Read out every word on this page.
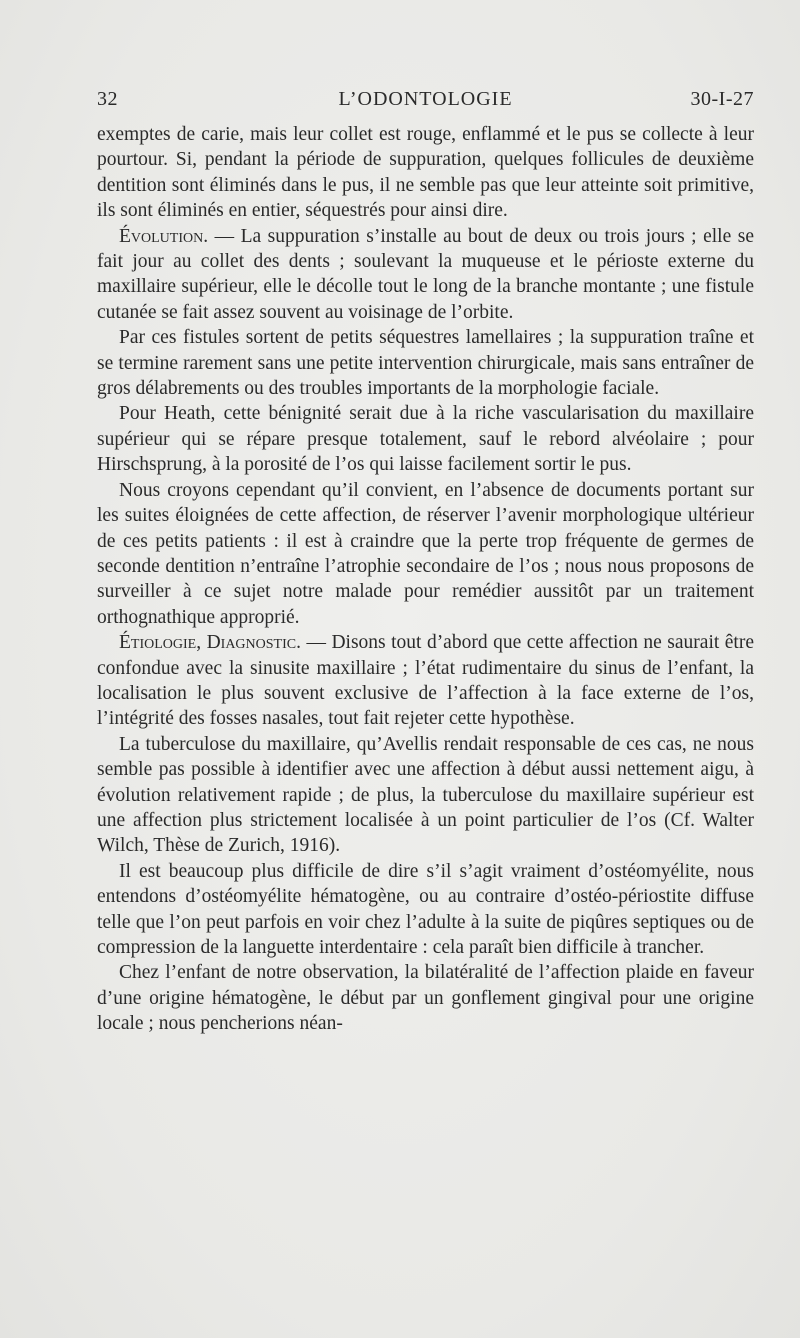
32	L’ODONTOLOGIE	30-I-27

exemptes de carie, mais leur collet est rouge, enflammé et le pus se collecte à leur pourtour. Si, pendant la période de suppuration, quelques follicules de deuxième dentition sont éliminés dans le pus, il ne semble pas que leur atteinte soit primitive, ils sont éliminés en entier, séquestrés pour ainsi dire.

Évolution. — La suppuration s’installe au bout de deux ou trois jours ; elle se fait jour au collet des dents ; soulevant la muqueuse et le périoste externe du maxillaire supérieur, elle le décolle tout le long de la branche montante ; une fistule cutanée se fait assez souvent au voisinage de l’orbite.

Par ces fistules sortent de petits séquestres lamellaires ; la suppuration traîne et se termine rarement sans une petite intervention chirurgicale, mais sans entraîner de gros délabrements ou des troubles importants de la morphologie faciale.

Pour Heath, cette bénignité serait due à la riche vascularisation du maxillaire supérieur qui se répare presque totalement, sauf le rebord alvéolaire ; pour Hirschsprung, à la porosité de l’os qui laisse facilement sortir le pus.

Nous croyons cependant qu’il convient, en l’absence de documents portant sur les suites éloignées de cette affection, de réserver l’avenir morphologique ultérieur de ces petits patients : il est à craindre que la perte trop fréquente de germes de seconde dentition n’entraîne l’atrophie secondaire de l’os ; nous nous proposons de surveiller à ce sujet notre malade pour remédier aussitôt par un traitement orthognathique approprié.

Étiologie, Diagnostic. — Disons tout d’abord que cette affection ne saurait être confondue avec la sinusite maxillaire ; l’état rudimentaire du sinus de l’enfant, la localisation le plus souvent exclusive de l’affection à la face externe de l’os, l’intégrité des fosses nasales, tout fait rejeter cette hypothèse.

La tuberculose du maxillaire, qu’Avellis rendait responsable de ces cas, ne nous semble pas possible à identifier avec une affection à début aussi nettement aigu, à évolution relativement rapide ; de plus, la tuberculose du maxillaire supérieur est une affection plus strictement localisée à un point particulier de l’os (Cf. Walter Wilch, Thèse de Zurich, 1916).

Il est beaucoup plus difficile de dire s’il s’agit vraiment d’ostéomyélite, nous entendons d’ostéomyélite hématogène, ou au contraire d’ostéo-périostite diffuse telle que l’on peut parfois en voir chez l’adulte à la suite de piqûres septiques ou de compression de la languette interdentaire : cela paraît bien difficile à trancher.

Chez l’enfant de notre observation, la bilatéralité de l’affection plaide en faveur d’une origine hématogène, le début par un gonflement gingival pour une origine locale ; nous pencherions néan-
